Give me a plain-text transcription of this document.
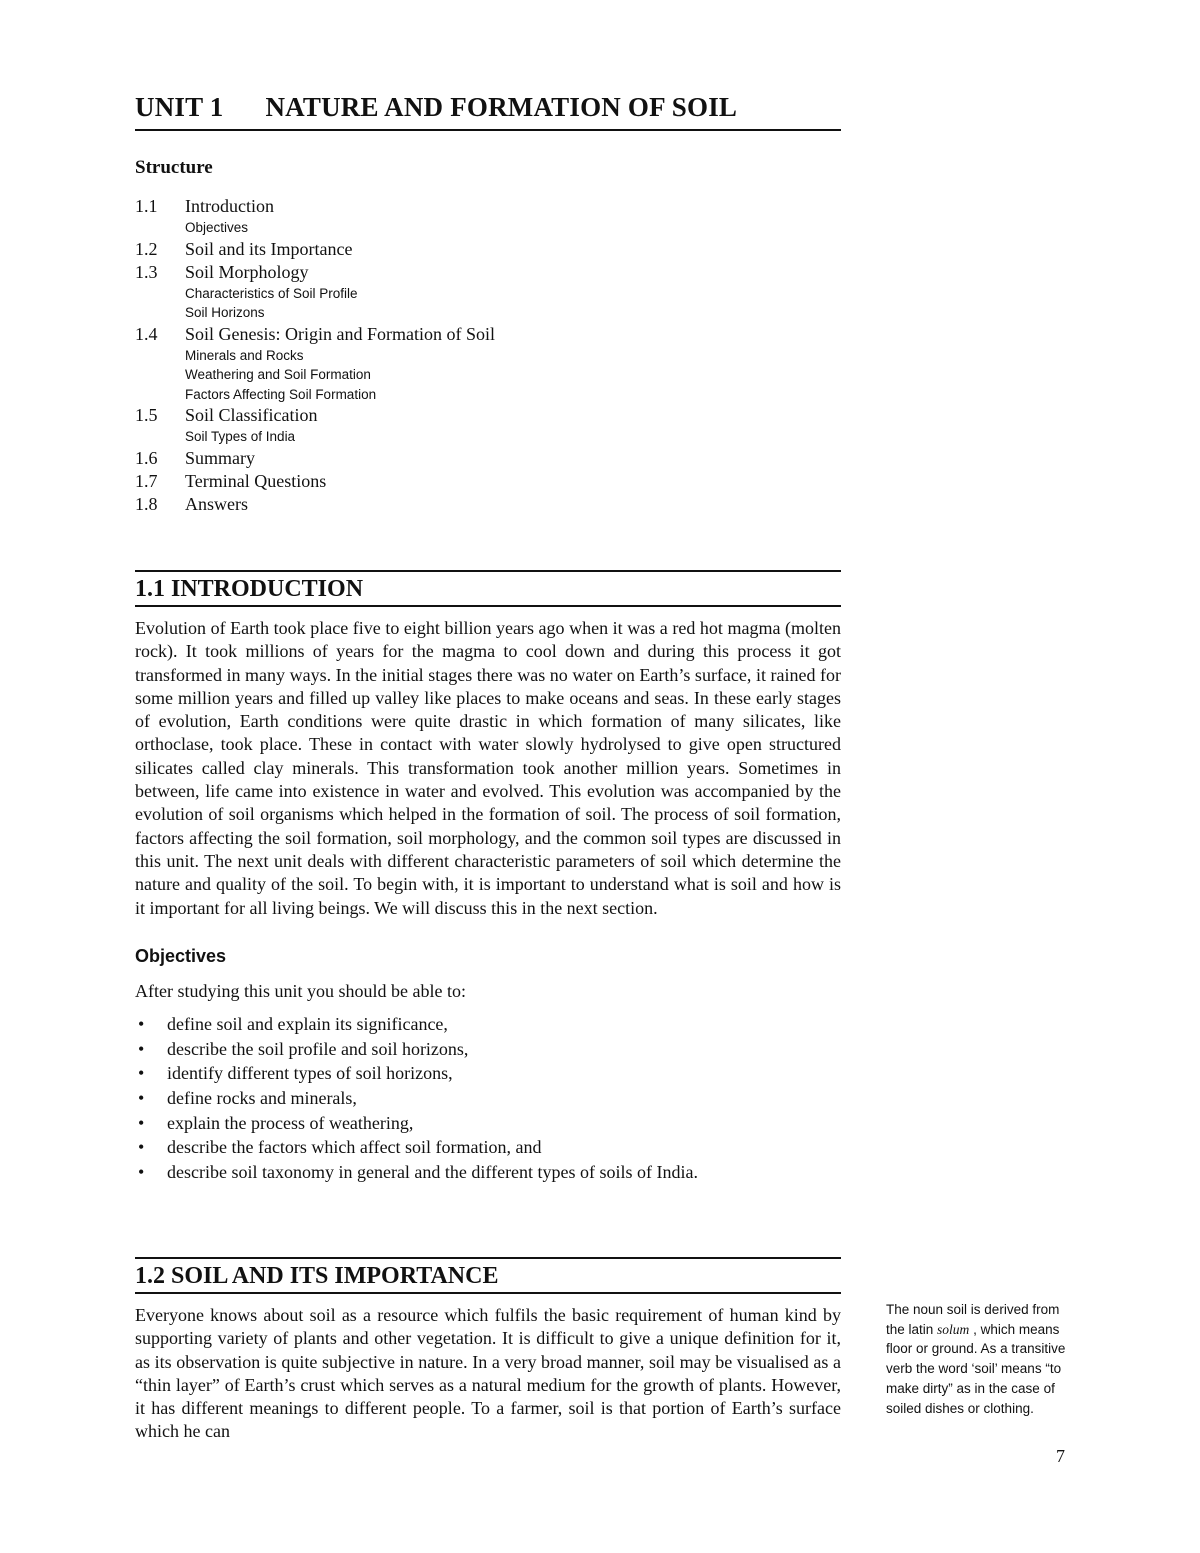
UNIT 1 NATURE AND FORMATION OF SOIL
Structure
1.1	Introduction
Objectives
1.2	Soil and its Importance
1.3	Soil Morphology
Characteristics of Soil Profile
Soil Horizons
1.4	Soil Genesis: Origin and Formation of Soil
Minerals and Rocks
Weathering and Soil Formation
Factors Affecting Soil Formation
1.5	Soil Classification
Soil Types of India
1.6	Summary
1.7	Terminal Questions
1.8	Answers
1.1 INTRODUCTION

Evolution of Earth took place five to eight billion years ago when it was a red hot magma (molten rock). It took millions of years for the magma to cool down and during this process it got transformed in many ways. In the initial stages there was no water on Earth’s surface, it rained for some million years and filled up valley like places to make oceans and seas. In these early stages of evolution, Earth conditions were quite drastic in which formation of many silicates, like orthoclase, took place. These in contact with water slowly hydrolysed to give open structured silicates called clay minerals. This transformation took another million years. Sometimes in between, life came into existence in water and evolved. This evolution was accompanied by the evolution of soil organisms which helped in the formation of soil. The process of soil formation, factors affecting the soil formation, soil morphology, and the common soil types are discussed in this unit. The next unit deals with different characteristic parameters of soil which determine the nature and quality of the soil. To begin with, it is important to understand what is soil and how is it important for all living beings. We will discuss this in the next section.

Objectives
After studying this unit you should be able to:
• define soil and explain its significance,
• describe the soil profile and soil horizons,
• identify different types of soil horizons,
• define rocks and minerals,
• explain the process of weathering,
• describe the factors which affect soil formation, and
• describe soil taxonomy in general and the different types of soils of India.
1.2 SOIL AND ITS IMPORTANCE

Everyone knows about soil as a resource which fulfils the basic requirement of human kind by supporting variety of plants and other vegetation. It is difficult to give a unique definition for it, as its observation is quite subjective in nature. In a very broad manner, soil may be visualised as a “thin layer” of Earth’s crust which serves as a natural medium for the growth of plants. However, it has different meanings to different people. To a farmer, soil is that portion of Earth’s surface which he can

The noun soil is derived from the latin solum , which means floor or ground. As a transitive verb the word ‘soil’ means “to make dirty” as in the case of soiled dishes or clothing.
7
